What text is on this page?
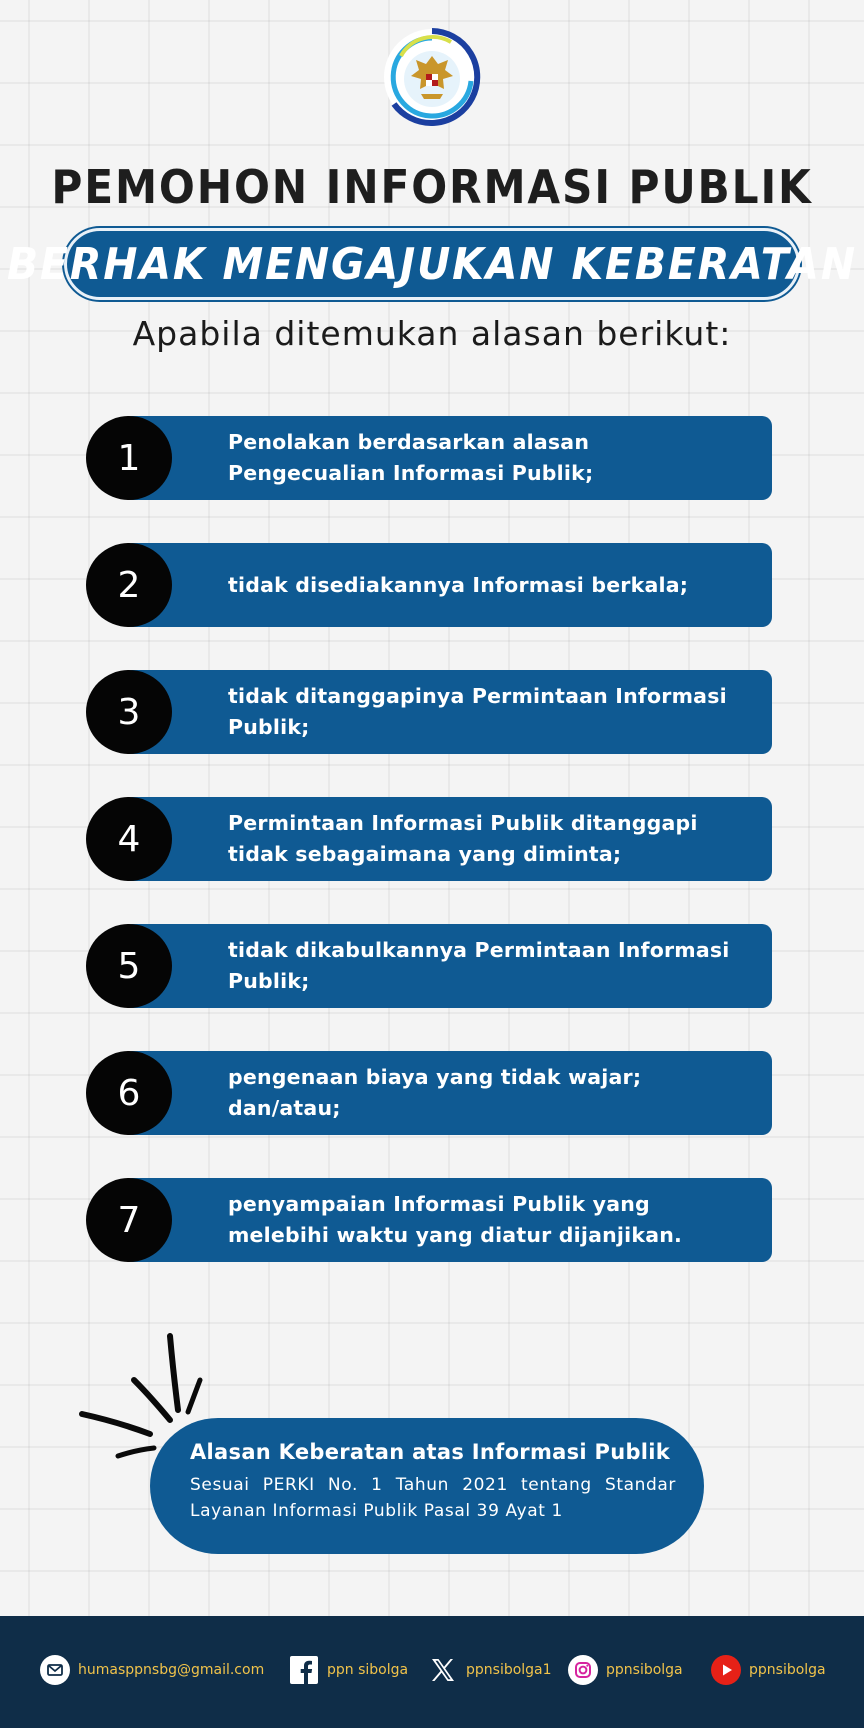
PEMOHON INFORMASI PUBLIK
BERHAK MENGAJUKAN KEBERATAN
Apabila ditemukan alasan berikut:
Penolakan berdasarkan alasan Pengecualian Informasi Publik;
1
tidak disediakannya Informasi berkala;
2
tidak ditanggapinya Permintaan Informasi Publik;
3
Permintaan Informasi Publik ditanggapi tidak sebagaimana yang diminta;
4
tidak dikabulkannya Permintaan Informasi Publik;
5
pengenaan biaya yang tidak wajar; dan/atau;
6
penyampaian Informasi Publik yang melebihi waktu yang diatur dijanjikan.
7
Alasan Keberatan atas Informasi Publik
Sesuai PERKI No. 1 Tahun 2021 tentang Standar Layanan Informasi Publik Pasal 39 Ayat 1
humasppnsbg@gmail.com	ppn sibolga	ppnsibolga1	ppnsibolga	ppnsibolga
